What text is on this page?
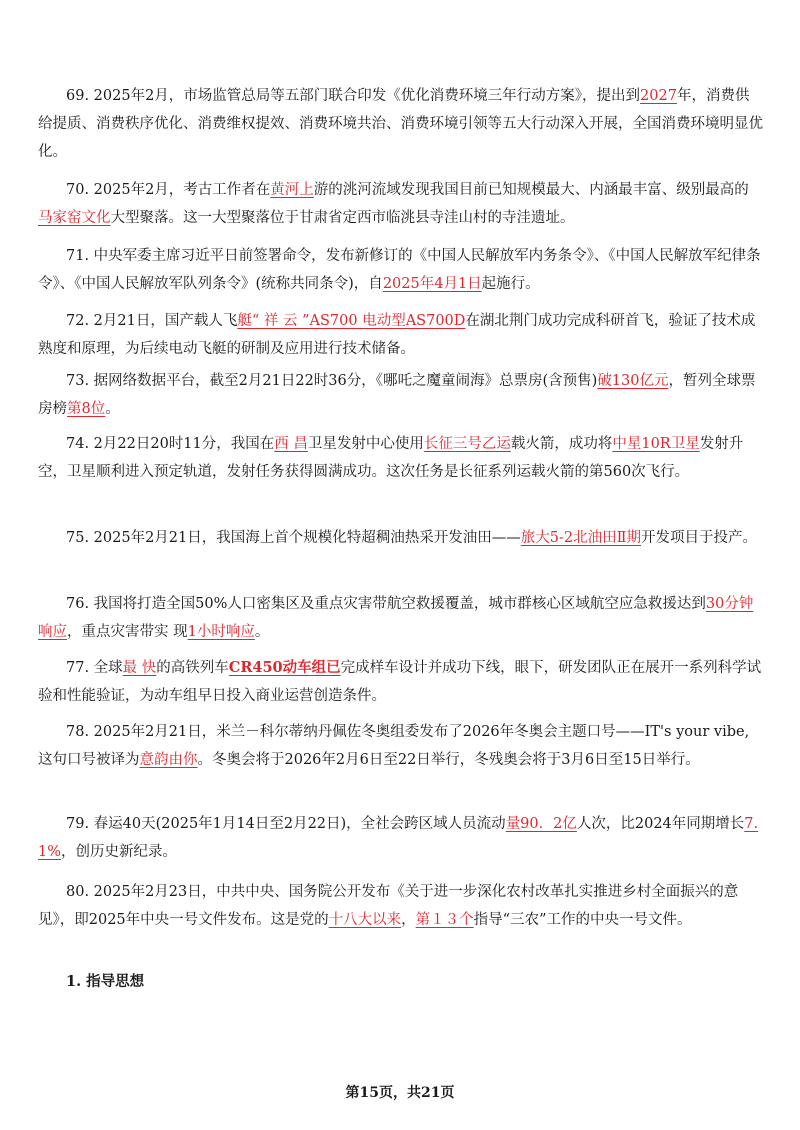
69. 2025年2月，市场监管总局等五部门联合印发《优化消费环境三年行动方案》，提出到2027年，消费供给提质、消费秩序优化、消费维权提效、消费环境共治、消费环境引领等五大行动深入开展，全国消费环境明显优化。

70. 2025年2月，考古工作者在黄河上游的洮河流域发现我国目前已知规模最大、内涵最丰富、级别最高的马家窑文化大型聚落。这一大型聚落位于甘肃省定西市临洮县寺洼山村的寺洼遗址。

71. 中央军委主席习近平日前签署命令，发布新修订的《中国人民解放军内务条令》、《中国人民解放军纪律条令》、《中国人民解放军队列条令》(统称共同条令)，自2025年4月1日起施行。

72. 2月21日，国产载人飞艇“ 祥 云 ”AS700 电动型AS700D在湖北荆门成功完成科研首飞，验证了技术成熟度和原理，为后续电动飞艇的研制及应用进行技术储备。

73. 据网络数据平台，截至2月21日22时36分，《哪吒之魔童闹海》总票房(含预售)破130亿元，暂列全球票房榜第8位。

74. 2月22日20时11分，我国在西 昌卫星发射中心使用长征三号乙运载火箭，成功将中星10R卫星发射升空，卫星顺利进入预定轨道，发射任务获得圆满成功。这次任务是长征系列运载火箭的第560次飞行。

75. 2025年2月21日，我国海上首个规模化特超稠油热采开发油田——旅大5-2北油田Ⅱ期开发项目于投产。

76. 我国将打造全国50%人口密集区及重点灾害带航空救援覆盖，城市群核心区域航空应急救援达到30分钟响应，重点灾害带实 现1小时响应。

77. 全球最 快的高铁列车CR450动车组已完成样车设计并成功下线，眼下，研发团队正在展开一系列科学试验和性能验证，为动车组早日投入商业运营创造条件。

78. 2025年2月21日，米兰－科尔蒂纳丹佩佐冬奥组委发布了2026年冬奥会主题口号——IT's your vibe, 这句口号被译为意韵由你。冬奥会将于2026年2月6日至22日举行，冬残奥会将于3月6日至15日举行。

79. 春运40天(2025年1月14日至2月22日)，全社会跨区域人员流动量90．2亿人次，比2024年同期增长7.1%，创历史新纪录。

80. 2025年2月23日，中共中央、国务院公开发布《关于进一步深化农村改革扎实推进乡村全面振兴的意见》，即2025年中央一号文件发布。这是党的十八大以来，第１３个指导“三农”工作的中央一号文件。

1. 指导思想

第15页，共21页
